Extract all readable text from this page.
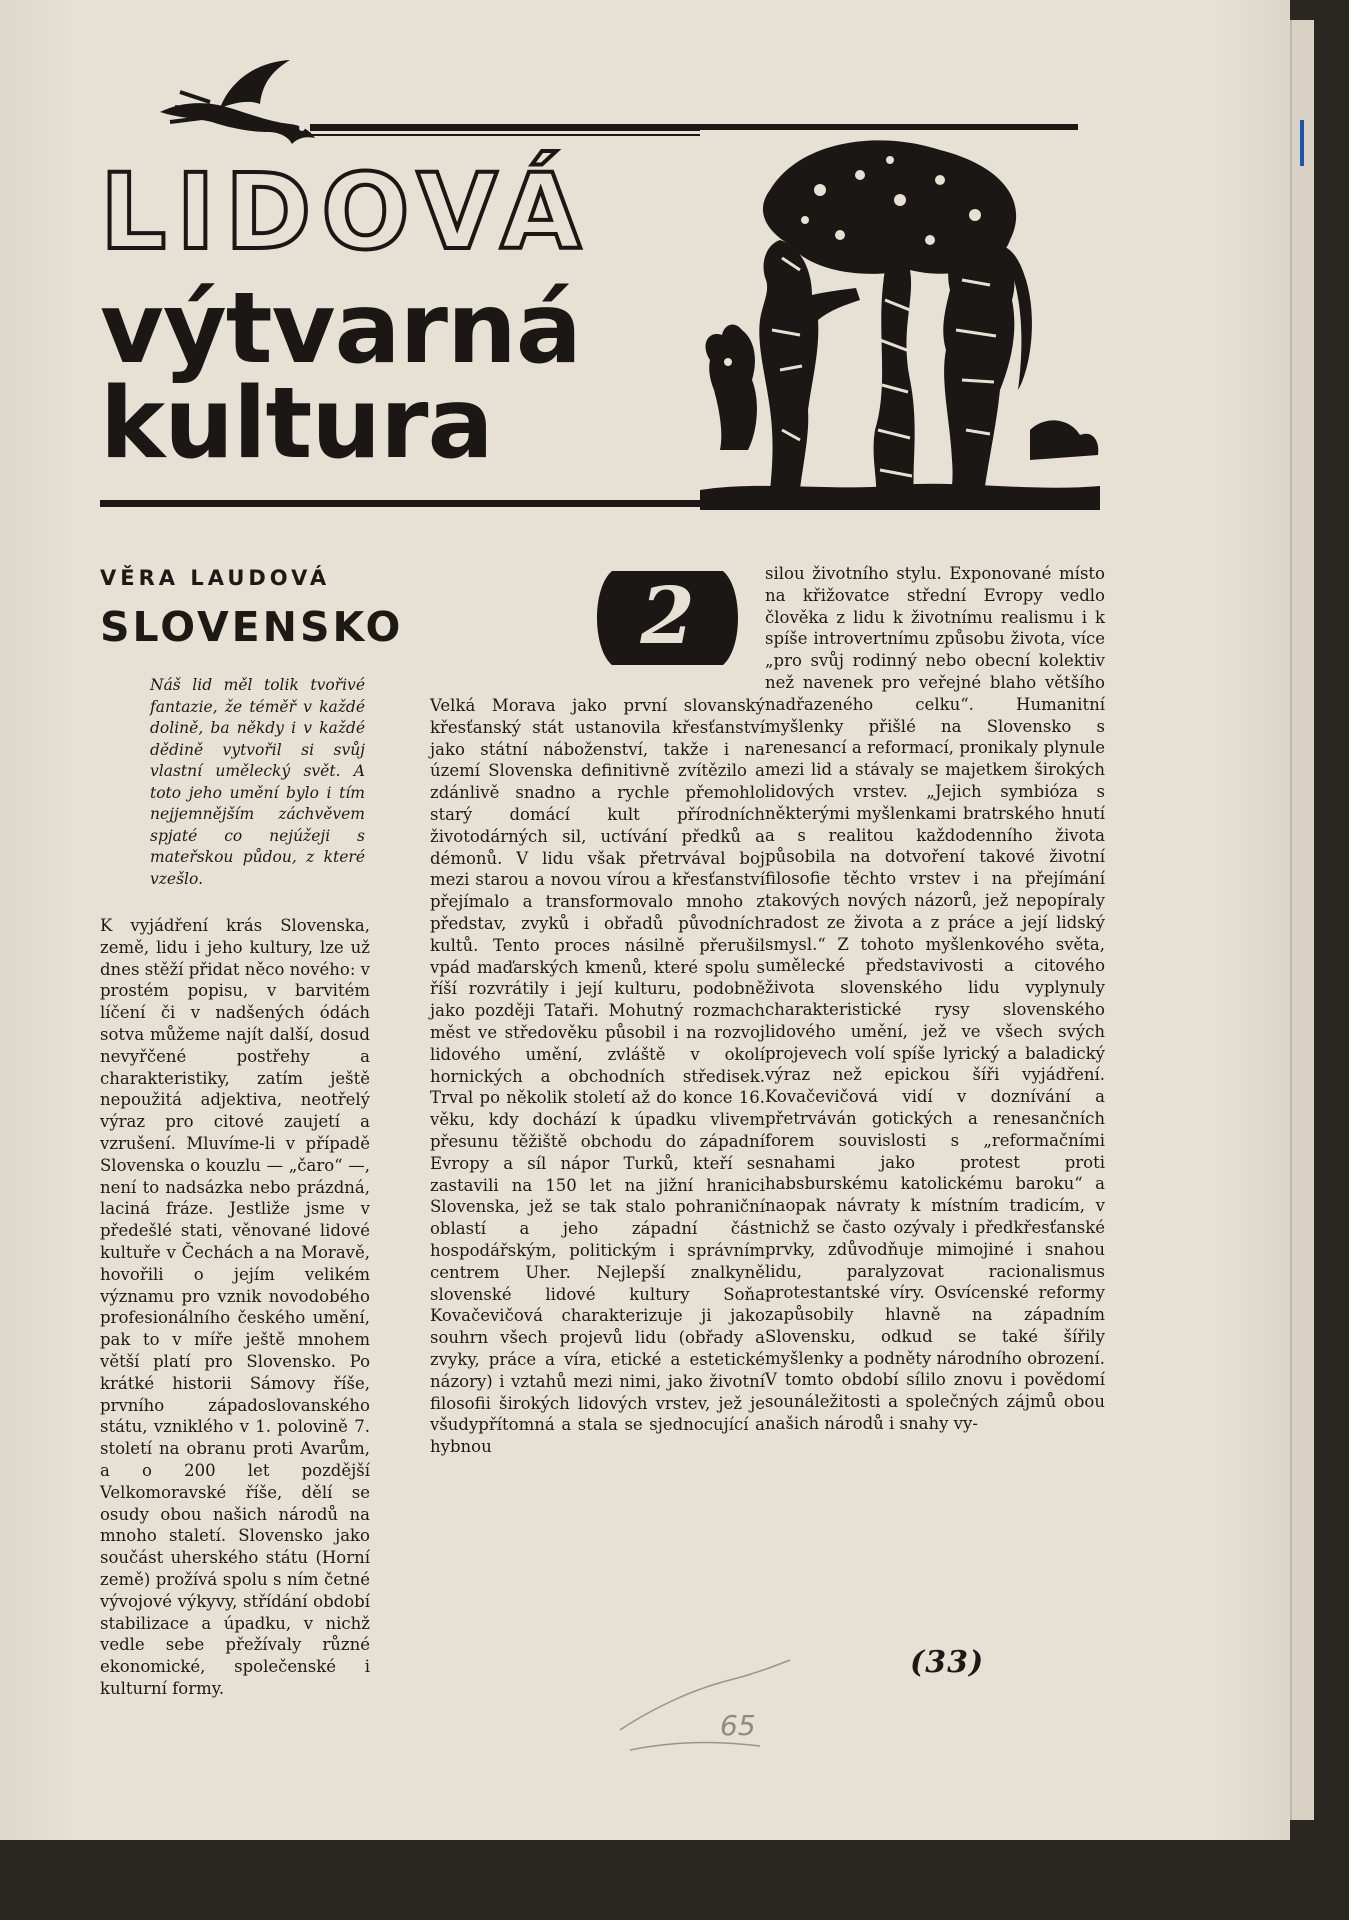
LIDOVÁ
výtvarná
kultura
VĚRA LAUDOVÁ
SLOVENSKO	2
Náš lid měl tolik tvořivé fantazie, že téměř v každé dolině, ba někdy i v každé dědině vytvořil si svůj vlastní umělecký svět. A toto jeho umění bylo i tím nejjemnějším záchvěvem spjaté co nejúžeji s mateřskou půdou, z které vzešlo.
K vyjádření krás Slovenska, země, lidu i jeho kultury, lze už dnes stěží přidat něco nového: v prostém popisu, v barvitém líčení či v nadšených ódách sotva můžeme najít další, dosud nevyřčené postřehy a charakteristiky, zatím ještě nepoužitá adjektiva, neotřelý výraz pro citové zaujetí a vzrušení. Mluvíme-li v případě Slovenska o kouzlu — „čaro“ —, není to nadsázka nebo prázdná, laciná fráze. Jestliže jsme v předešlé stati, věnované lidové kultuře v Čechách a na Moravě, hovořili o jejím velikém významu pro vznik novodobého profesionálního českého umění, pak to v míře ještě mnohem větší platí pro Slovensko. Po krátké historii Sámovy říše, prvního západoslovanského státu, vzniklého v 1. polovině 7. století na obranu proti Avarům, a o 200 let pozdější Velkomoravské říše, dělí se osudy obou našich národů na mnoho staletí. Slovensko jako součást uherského státu (Horní země) prožívá spolu s ním četné vývojové výkyvy, střídání období stabilizace a úpadku, v nichž vedle sebe přežívaly různé ekonomické, společenské i kulturní formy.
Velká Morava jako první slovanský křesťanský stát ustanovila křesťanství jako státní náboženství, takže i na území Slovenska definitivně zvítězilo a zdánlivě snadno a rychle přemohlo starý domácí kult přírodních životodárných sil, uctívání předků a démonů. V lidu však přetrvával boj mezi starou a novou vírou a křesťanství přejímalo a transformovalo mnoho z představ, zvyků i obřadů původních kultů. Tento proces násilně přerušil vpád maďarských kmenů, které spolu s říší rozvrátily i její kulturu, podobně jako později Tataři. Mohutný rozmach měst ve středověku působil i na rozvoj lidového umění, zvláště v okolí hornických a obchodních středisek. Trval po několik století až do konce 16. věku, kdy dochází k úpadku vlivem přesunu těžiště obchodu do západní Evropy a síl nápor Turků, kteří se zastavili na 150 let na jižní hranici Slovenska, jež se tak stalo pohraniční oblastí a jeho západní část hospodářským, politickým i správním centrem Uher. Nejlepší znalkyně slovenské lidové kultury Soňa Kovačevičová charakterizuje ji jako souhrn všech projevů lidu (obřady a zvyky, práce a víra, etické a estetické názory) i vztahů mezi nimi, jako životní filosofii širokých lidových vrstev, jež je všudypřítomná a stala se sjednocující a hybnou
silou životního stylu. Exponované místo na křižovatce střední Evropy vedlo člověka z lidu k životnímu realismu i k spíše introvertnímu způsobu života, více „pro svůj rodinný nebo obecní kolektiv než navenek pro veřejné blaho většího nadřazeného celku“. Humanitní myšlenky přišlé na Slovensko s renesancí a reformací, pronikaly plynule mezi lid a stávaly se majetkem širokých lidových vrstev. „Jejich symbióza s některými myšlenkami bratrského hnutí a s realitou každodenního života působila na dotvoření takové životní filosofie těchto vrstev i na přejímání takových nových názorů, jež nepopíraly radost ze života a z práce a její lidský smysl.“ Z tohoto myšlenkového světa, umělecké představivosti a citového života slovenského lidu vyplynuly charakteristické rysy slovenského lidového umění, jež ve všech svých projevech volí spíše lyrický a baladický výraz než epickou šíři vyjádření. Kovačevičová vidí v doznívání a přetrváván gotických a renesančních forem souvislosti s „reformačními snahami jako protest proti habsburskému katolickému baroku“ a naopak návraty k místním tradicím, v nichž se často ozývaly i předkřesťanské prvky, zdůvodňuje mimojiné i snahou lidu, paralyzovat racionalismus protestantské víry. Osvícenské reformy zapůsobily hlavně na západním Slovensku, odkud se také šířily myšlenky a podněty národního obrození. V tomto období sílilo znovu i povědomí sounáležitosti a společných zájmů obou našich národů i snahy vy-
(33)
65
